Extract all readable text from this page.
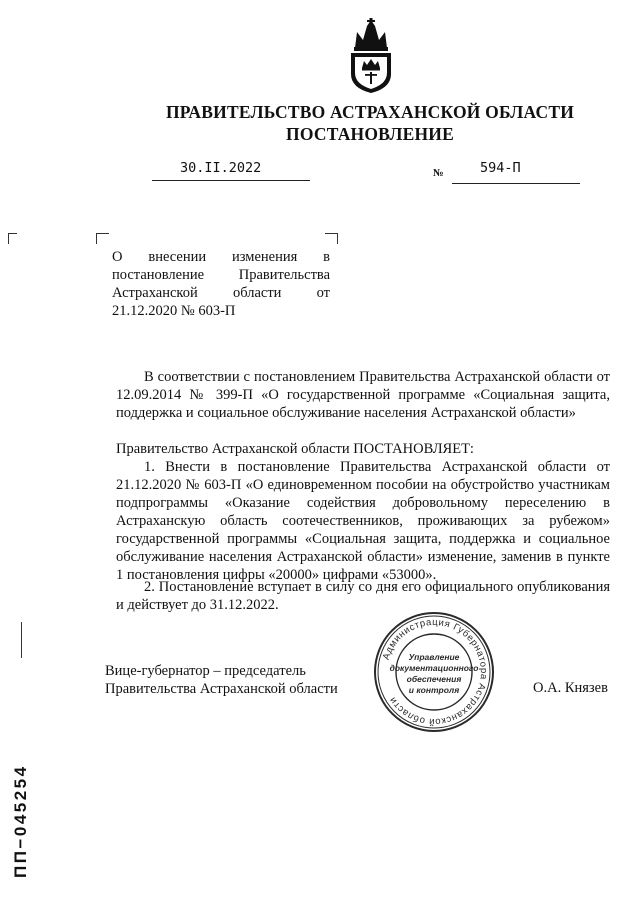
ПРАВИТЕЛЬСТВО АСТРАХАНСКОЙ ОБЛАСТИ
ПОСТАНОВЛЕНИЕ
30.II.2022	№	594-П
О внесении изменения в постановление Правительства Астраханской области от 21.12.2020 № 603-П
В соответствии с постановлением Правительства Астраханской области от 12.09.2014 № 399-П «О государственной программе «Социальная защита, поддержка и социальное обслуживание населения Астраханской области»
Правительство Астраханской области ПОСТАНОВЛЯЕТ:
1. Внести в постановление Правительства Астраханской области от 21.12.2020 № 603-П «О единовременном пособии на обустройство участникам подпрограммы «Оказание содействия добровольному переселению в Астраханскую область соотечественников, проживающих за рубежом» государственной программы «Социальная защита, поддержка и социальное обслуживание населения Астраханской области» изменение, заменив в пункте 1 постановления цифры «20000» цифрами «53000».
2. Постановление вступает в силу со дня его официального опубликования и действует до 31.12.2022.
Вице-губернатор – председатель
Правительства Астраханской области	О.А. Князев
Администрация Губернатора Астраханской области
Управление
документационного
обеспечения
и контроля
ПП−045254
